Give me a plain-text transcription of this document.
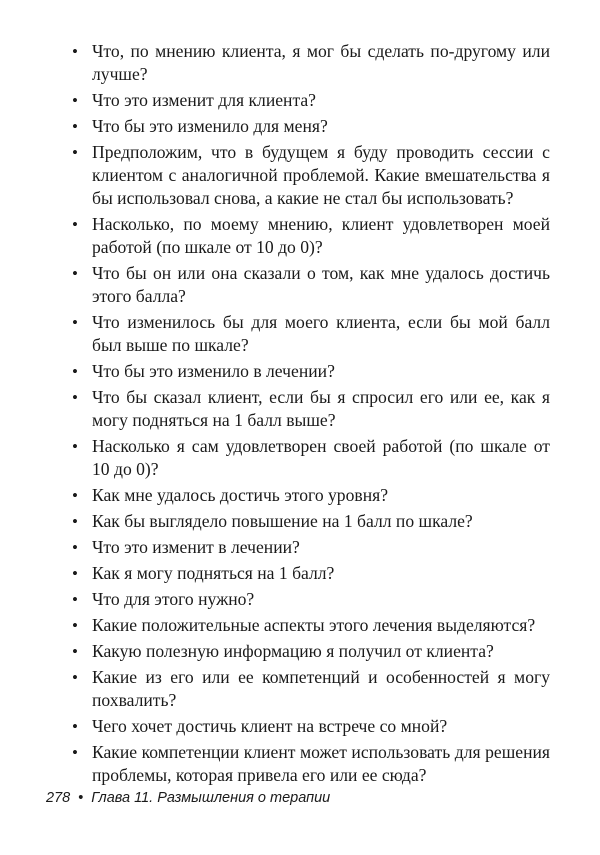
• Что, по мнению клиента, я мог бы сделать по-другому или лучше?
• Что это изменит для клиента?
• Что бы это изменило для меня?
• Предположим, что в будущем я буду проводить сессии с клиентом с аналогичной проблемой. Какие вмешательства я бы использовал снова, а какие не стал бы использовать?
• Насколько, по моему мнению, клиент удовлетворен моей работой (по шкале от 10 до 0)?
• Что бы он или она сказали о том, как мне удалось достичь этого балла?
• Что изменилось бы для моего клиента, если бы мой балл был выше по шкале?
• Что бы это изменило в лечении?
• Что бы сказал клиент, если бы я спросил его или ее, как я могу подняться на 1 балл выше?
• Насколько я сам удовлетворен своей работой (по шкале от 10 до 0)?
• Как мне удалось достичь этого уровня?
• Как бы выглядело повышение на 1 балл по шкале?
• Что это изменит в лечении?
• Как я могу подняться на 1 балл?
• Что для этого нужно?
• Какие положительные аспекты этого лечения выделяются?
• Какую полезную информацию я получил от клиента?
• Какие из его или ее компетенций и особенностей я могу похвалить?
• Чего хочет достичь клиент на встрече со мной?
• Какие компетенции клиент может использовать для решения проблемы, которая привела его или ее сюда?
278 • Глава 11. Размышления о терапии
